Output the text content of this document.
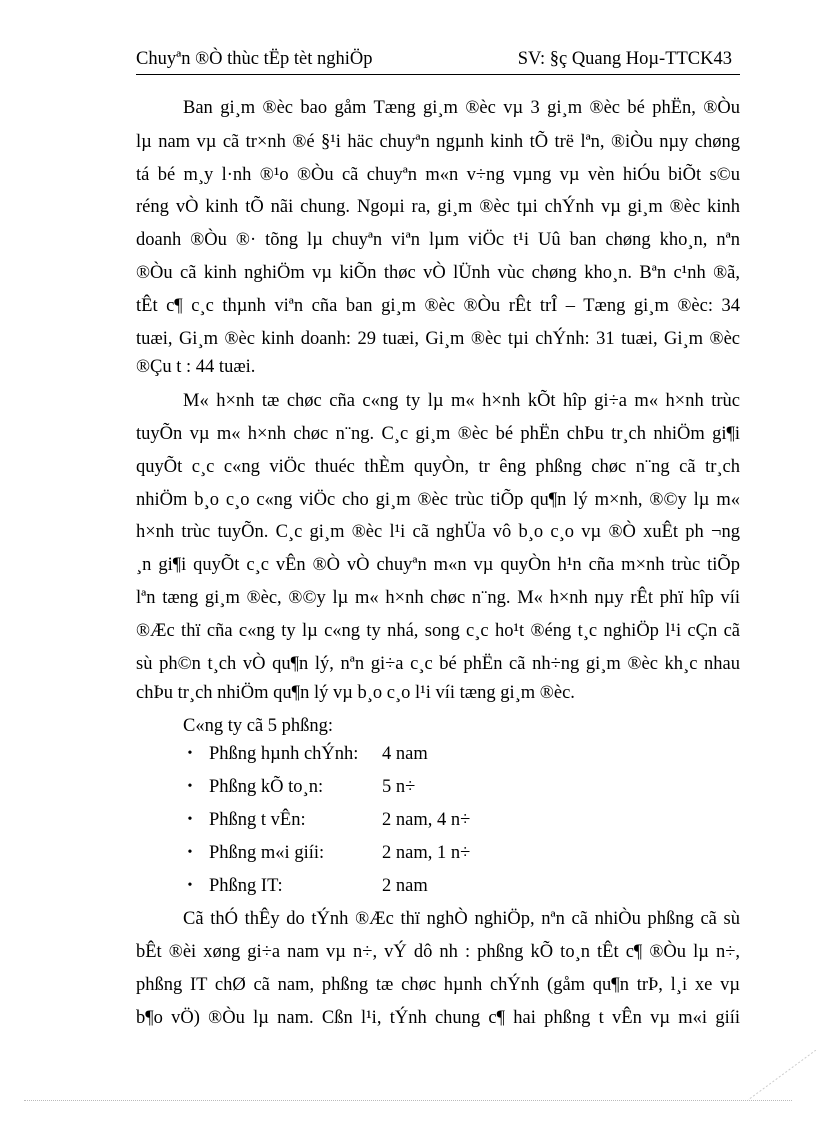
Chuyªn ®Ò thùc tËp tèt nghiÖp	SV: §ç Quang Hoµ-TTCK43
Ban gi¸m ®èc bao gåm Tæng gi¸m ®èc vµ 3 gi¸m ®èc bé phËn, ®Òu
lµ nam vµ cã tr×nh ®é §¹i häc chuyªn ngµnh kinh tÕ trë lªn, ®iÒu nµy chøng
tá bé m¸y l·nh ®¹o ®Òu cã chuyªn m«n v÷ng vµng vµ vèn hiÓu biÕt s©u
réng vÒ kinh tÕ nãi chung. Ngoµi ra, gi¸m ®èc tµi chÝnh vµ gi¸m ®èc kinh
doanh ®Òu ®· tõng lµ chuyªn viªn lµm viÖc t¹i Uû ban chøng kho¸n, nªn
®Òu cã kinh nghiÖm vµ kiÕn thøc vÒ lÜnh vùc chøng kho¸n. Bªn c¹nh ®ã,
tÊt c¶ c¸c thµnh viªn cña ban gi¸m ®èc ®Òu rÊt trÎ – Tæng gi¸m ®èc: 34
tuæi, Gi¸m ®èc kinh doanh: 29 tuæi, Gi¸m ®èc tµi chÝnh: 31 tuæi, Gi¸m ®èc
®Çu t : 44 tuæi.
M« h×nh tæ chøc cña c«ng ty lµ m« h×nh kÕt hîp gi÷a m« h×nh trùc
tuyÕn vµ m« h×nh chøc n¨ng. C¸c gi¸m ®èc bé phËn chÞu tr¸ch nhiÖm gi¶i
quyÕt c¸c c«ng viÖc thuéc thÈm quyÒn, tr êng phßng chøc n¨ng cã tr¸ch
nhiÖm b¸o c¸o c«ng viÖc cho gi¸m ®èc trùc tiÕp qu¶n lý m×nh, ®©y lµ m«
h×nh trùc tuyÕn. C¸c gi¸m ®èc l¹i cã nghÜa vô b¸o c¸o vµ ®Ò xuÊt ph ¬ng
¸n gi¶i quyÕt c¸c vÊn ®Ò vÒ chuyªn m«n vµ quyÒn h¹n cña m×nh trùc tiÕp
lªn tæng gi¸m ®èc, ®©y lµ m« h×nh chøc n¨ng. M« h×nh nµy rÊt phï hîp víi
®Æc thï cña c«ng ty lµ c«ng ty nhá, song c¸c ho¹t ®éng t¸c nghiÖp l¹i cÇn cã
sù ph©n t¸ch vÒ qu¶n lý, nªn gi÷a c¸c bé phËn cã nh÷ng gi¸m ®èc kh¸c nhau
chÞu tr¸ch nhiÖm qu¶n lý vµ b¸o c¸o l¹i víi tæng gi¸m ®èc.
C«ng ty cã 5 phßng:
• Phßng hµnh chÝnh: 4 nam
• Phßng kÕ to¸n:	5 n÷
• Phßng t vÊn:	2 nam, 4 n÷
• Phßng m«i giíi:	2 nam, 1 n÷
• Phßng IT:	2 nam
Cã thÓ thÊy do tÝnh ®Æc thï nghÒ nghiÖp, nªn cã nhiÒu phßng cã sù
bÊt ®èi xøng gi÷a nam vµ n÷, vÝ dô nh : phßng kÕ to¸n tÊt c¶ ®Òu lµ n÷,
phßng IT chØ cã nam, phßng tæ chøc hµnh chÝnh (gåm qu¶n trÞ, l¸i xe vµ
b¶o vÖ) ®Òu lµ nam. Cßn l¹i, tÝnh chung c¶ hai phßng t vÊn vµ m«i giíi
